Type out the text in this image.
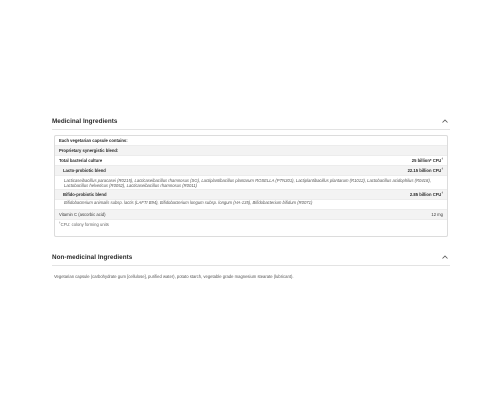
Medicinal Ingredients
Each vegetarian capsule contains:
Proprietary synergistic blend:
Total bacterial culture	25 billion* CFU†
Lacto-probiotic blend	22.15 billion CFU†
Lacticaseibacillus paracasei (R0215), Lacticaseibacillus rhamnosus (SG), Lactiplantibacillus plantarum ROSELLA (PTN301), Lactiplantibacillus plantarum (R1012), Lactobacillus acidophilus (R0418), Lactobacillus helveticus (R0052), Lacticaseibacillus rhamnosus (R0011)
Bifido-probiotic blend	2.85 billion CFU†
Bifidobacterium animalis subsp. lactis (LAFTI B94), Bifidobacterium longum subsp. longum (HA-135), Bifidobacterium bifidum (R0071)
Vitamin C (ascorbic acid)	12 mg
†CFU: colony forming units
Non-medicinal Ingredients

Vegetarian capsule (carbohydrate gum [cellulose], purified water), potato starch, vegetable grade magnesium stearate (lubricant).
